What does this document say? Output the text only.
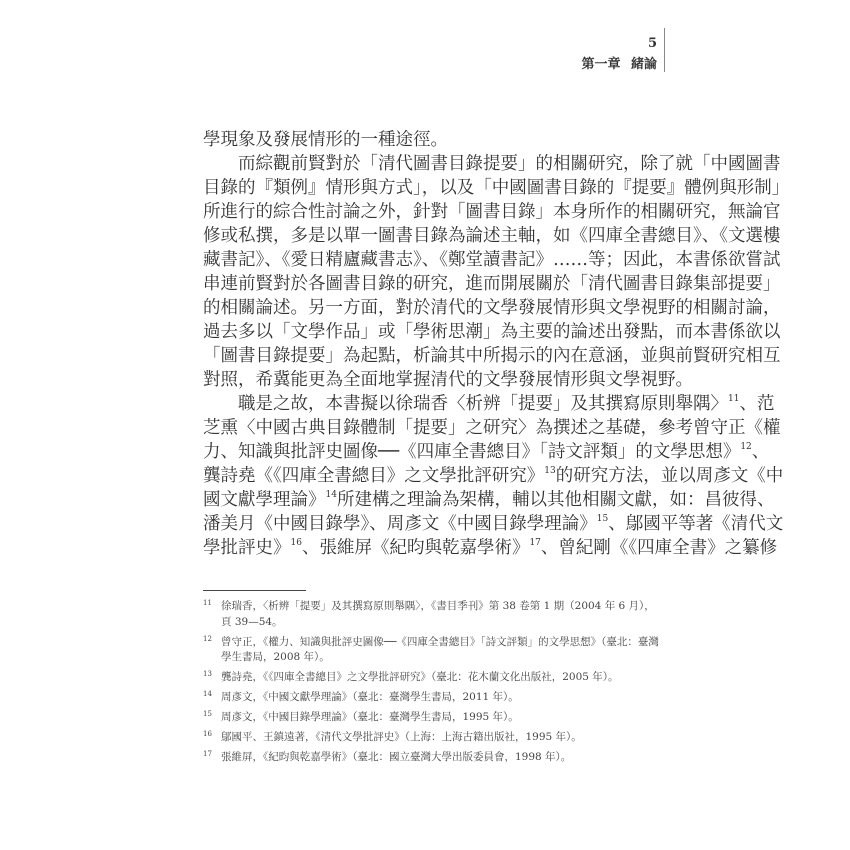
5
第一章 緒論
學現象及發展情形的一種途徑。
　　而綜觀前賢對於「清代圖書目錄提要」的相關研究，除了就「中國圖書
目錄的『類例』情形與方式」，以及「中國圖書目錄的『提要』體例與形制」
所進行的綜合性討論之外，針對「圖書目錄」本身所作的相關研究，無論官
修或私撰，多是以單一圖書目錄為論述主軸，如《四庫全書總目》、《文選樓
藏書記》、《愛日精廬藏書志》、《鄭堂讀書記》……等；因此，本書係欲嘗試
串連前賢對於各圖書目錄的研究，進而開展關於「清代圖書目錄集部提要」
的相關論述。另一方面，對於清代的文學發展情形與文學視野的相關討論，
過去多以「文學作品」或「學術思潮」為主要的論述出發點，而本書係欲以
「圖書目錄提要」為起點，析論其中所揭示的內在意涵，並與前賢研究相互
對照，希冀能更為全面地掌握清代的文學發展情形與文學視野。
　　職是之故，本書擬以徐瑞香〈析辨「提要」及其撰寫原則舉隅〉$^{11}$、范
芝熏〈中國古典目錄體制「提要」之研究〉為撰述之基礎，參考曾守正《權
力、知識與批評史圖像──《四庫全書總目》「詩文評類」的文學思想》$^{12}$、
龔詩堯《《四庫全書總目》之文學批評研究》$^{13}$的研究方法，並以周彥文《中
國文獻學理論》$^{14}$所建構之理論為架構，輔以其他相關文獻，如：昌彼得、
潘美月《中國目錄學》、周彥文《中國目錄學理論》$^{15}$、鄔國平等著《清代文
學批評史》$^{16}$、張維屏《紀昀與乾嘉學術》$^{17}$、曾紀剛《《四庫全書》之纂修
11 徐瑞香，〈析辨「提要」及其撰寫原則舉隅〉，《書目季刊》第 38 卷第 1 期（2004 年 6 月），頁 39—54。
12 曾守正，《權力、知識與批評史圖像──《四庫全書總目》「詩文評類」的文學思想》（臺北：臺灣學生書局，2008 年）。
13 龔詩堯，《《四庫全書總目》之文學批評研究》（臺北：花木蘭文化出版社，2005 年）。
14 周彥文，《中國文獻學理論》（臺北：臺灣學生書局，2011 年）。
15 周彥文，《中國目錄學理論》（臺北：臺灣學生書局，1995 年）。
16 鄔國平、王鎮遠著，《清代文學批評史》（上海：上海古籍出版社，1995 年）。
17 張維屏，《紀昀與乾嘉學術》（臺北：國立臺灣大學出版委員會，1998 年）。
